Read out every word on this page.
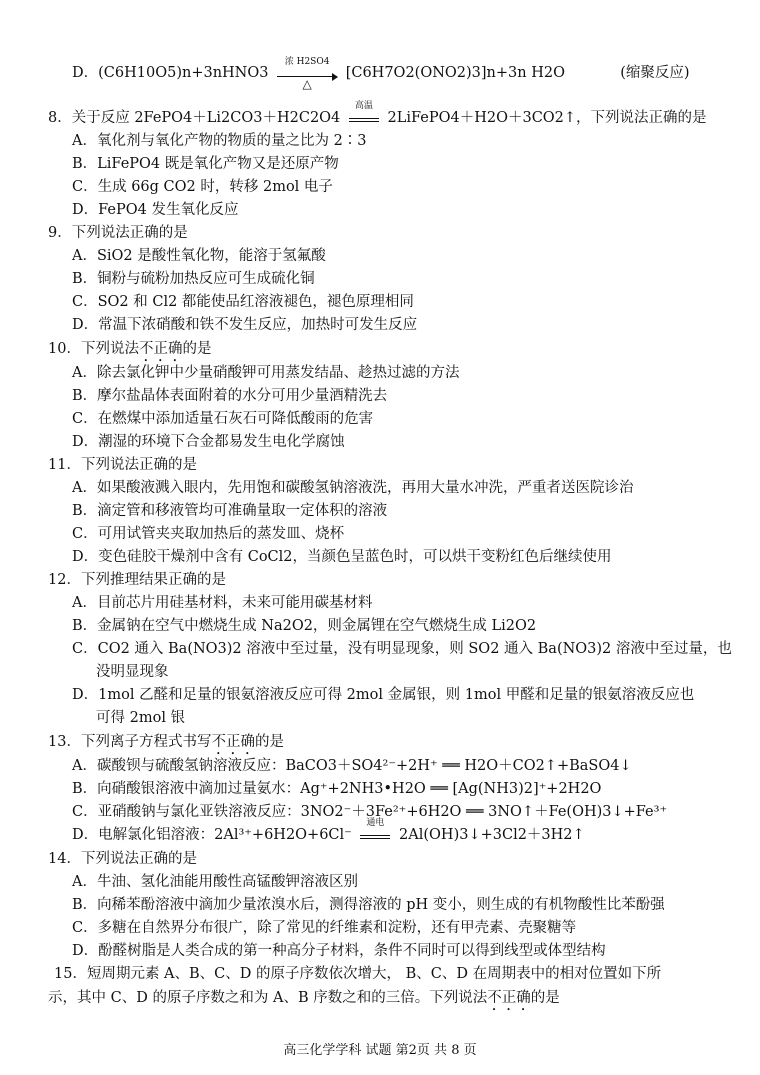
D．(C6H10O5)n+3nHNO3
浓 H2SO4
△
[C6H7O2(ONO2)3]n+3n H2O	(缩聚反应)
8．关于反应 2FePO4＋Li2CO3＋H2C2O4
高温
2LiFePO4＋H2O＋3CO2↑，下列说法正确的是
A．氧化剂与氧化产物的物质的量之比为 2∶3
B．LiFePO4 既是氧化产物又是还原产物
C．生成 66g CO2 时，转移 2mol 电子
D．FePO4 发生氧化反应
9．下列说法正确的是
A．SiO2 是酸性氧化物，能溶于氢氟酸
B．铜粉与硫粉加热反应可生成硫化铜
C．SO2 和 Cl2 都能使品红溶液褪色，褪色原理相同
D．常温下浓硝酸和铁不发生反应，加热时可发生反应
10．下列说法不正确的是
A．除去氯化钾中少量硝酸钾可用蒸发结晶、趁热过滤的方法
B．摩尔盐晶体表面附着的水分可用少量酒精洗去
C．在燃煤中添加适量石灰石可降低酸雨的危害
D．潮湿的环境下合金都易发生电化学腐蚀
11．下列说法正确的是
A．如果酸液溅入眼内，先用饱和碳酸氢钠溶液洗，再用大量水冲洗，严重者送医院诊治
B．滴定管和移液管均可准确量取一定体积的溶液
C．可用试管夹夹取加热后的蒸发皿、烧杯
D．变色硅胶干燥剂中含有 CoCl2，当颜色呈蓝色时，可以烘干变粉红色后继续使用
12．下列推理结果正确的是
A．目前芯片用硅基材料，未来可能用碳基材料
B．金属钠在空气中燃烧生成 Na2O2，则金属锂在空气燃烧生成 Li2O2
C．CO2 通入 Ba(NO3)2 溶液中至过量，没有明显现象，则 SO2 通入 Ba(NO3)2 溶液中至过量，也
没明显现象
D．1mol 乙醛和足量的银氨溶液反应可得 2mol 金属银，则 1mol 甲醛和足量的银氨溶液反应也
可得 2mol 银
13．下列离子方程式书写不正确的是
A．碳酸钡与硫酸氢钠溶液反应：BaCO3＋SO4²⁻+2H⁺ ══ H2O＋CO2↑+BaSO4↓
B．向硝酸银溶液中滴加过量氨水：Ag⁺+2NH3•H2O ══ [Ag(NH3)2]⁺+2H2O
C．亚硝酸钠与氯化亚铁溶液反应：3NO2⁻＋3Fe²⁺+6H2O ══ 3NO↑＋Fe(OH)3↓+Fe³⁺
D．电解氯化铝溶液：2Al³⁺+6H2O+6Cl⁻
通电
2Al(OH)3↓+3Cl2＋3H2↑
14．下列说法正确的是
A．牛油、氢化油能用酸性高锰酸钾溶液区别
B．向稀苯酚溶液中滴加少量浓溴水后，测得溶液的 pH 变小，则生成的有机物酸性比苯酚强
C．多糖在自然界分布很广，除了常见的纤维素和淀粉，还有甲壳素、壳聚糖等
D．酚醛树脂是人类合成的第一种高分子材料，条件不同时可以得到线型或体型结构
15．短周期元素 A、B、C、D 的原子序数依次增大， B、C、D 在周期表中的相对位置如下所
示，其中 C、D 的原子序数之和为 A、B 序数之和的三倍。下列说法不正确的是
高三化学学科 试题 第2页 共 8 页
